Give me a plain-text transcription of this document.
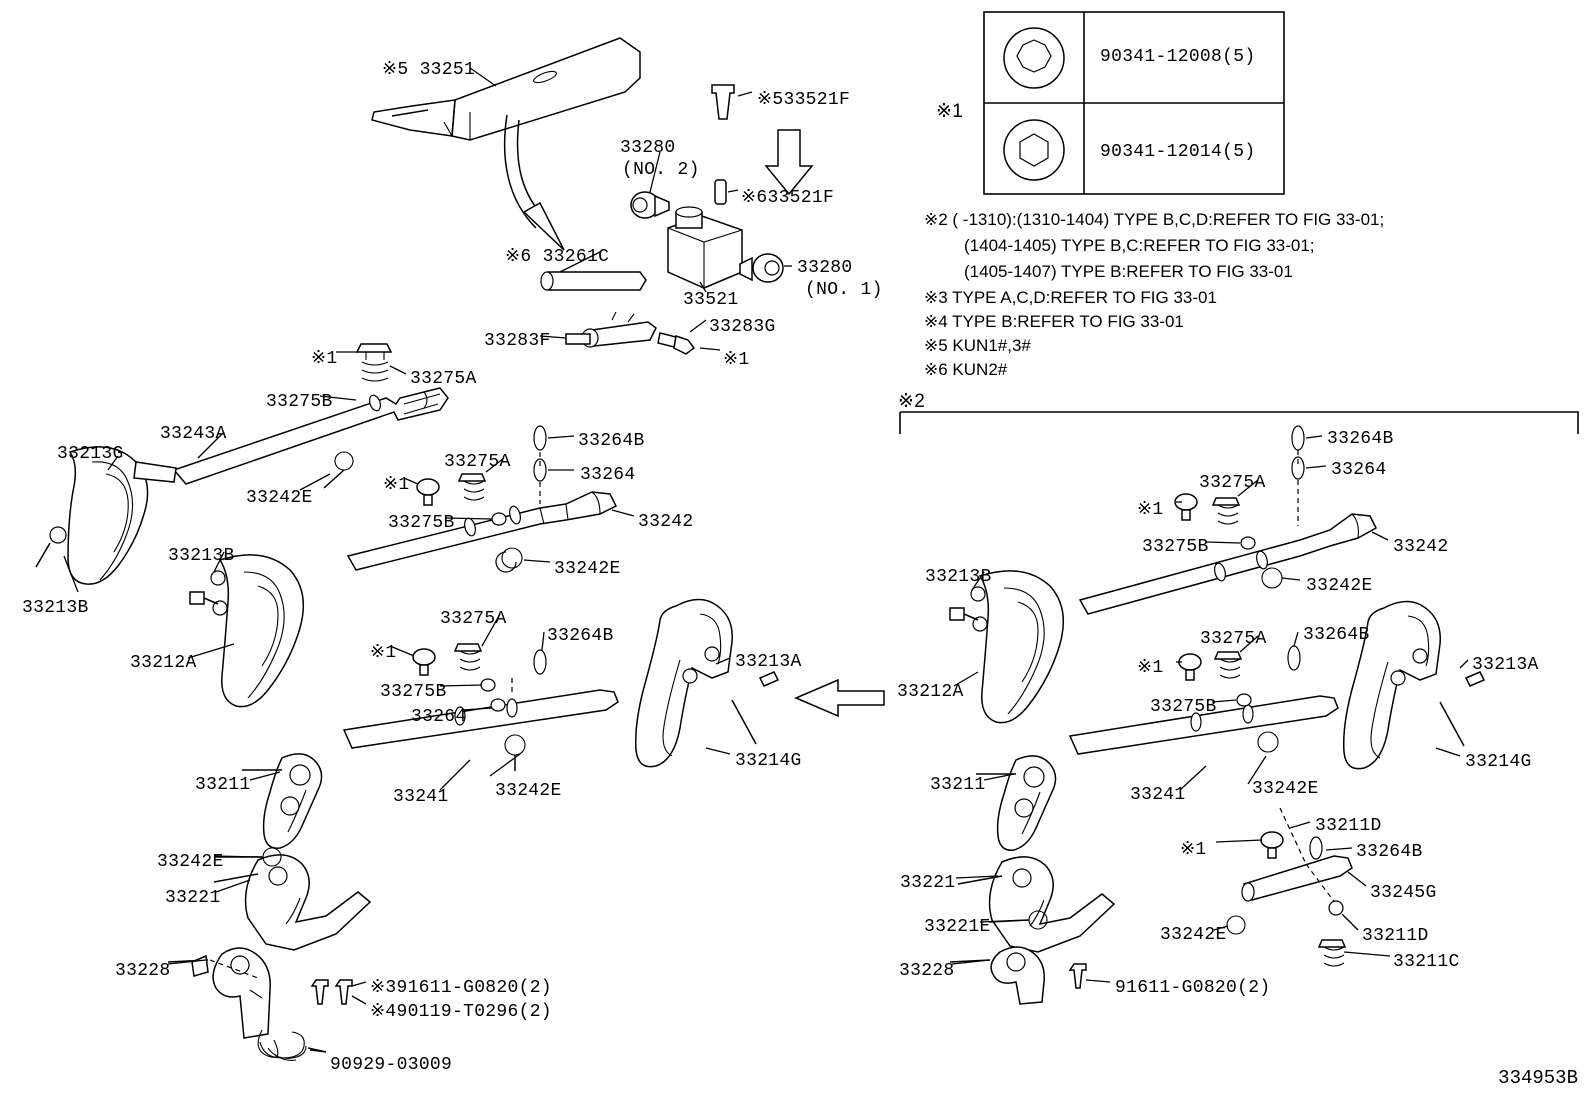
90341-12008(5)
90341-12014(5)
※1
※2 ( -1310):(1310-1404) TYPE B,C,D:REFER TO FIG 33-01;
(1404-1405) TYPE B,C:REFER TO FIG 33-01;
(1405-1407) TYPE B:REFER TO FIG 33-01
※3 TYPE A,C,D:REFER TO FIG 33-01
※4 TYPE B:REFER TO FIG 33-01
※5 KUN1#,3#
※6 KUN2#
※2
※5 33251
※533521F
33280
(NO. 2)
※633521F
※6 33261C
33280
(NO. 1)
33521
33283G
33283F
※1
※1
33275A
33275B
33243A	33264B
33213G	33275A
33264
33242E
※1
33242
33275B
33213B
33242E
33213B
33275A
33264B
33212A	※1	33213A
33275B
33264
33214G
33211
33241	33242E
33242E
33221
33228
※391611-G0820(2)
※490119-T0296(2)
90929-03009
33264B
33275A
33264
※1
33242
33275B
33213B	33242E
33275A 33264B
※1	33213A
33212A
33275B
33214G
33211	33241	33242E
33211D
※1	33264B
33221	33245G
33221E	33242E	33211D
33228
91611-G0820(2)
33211C
334953B
